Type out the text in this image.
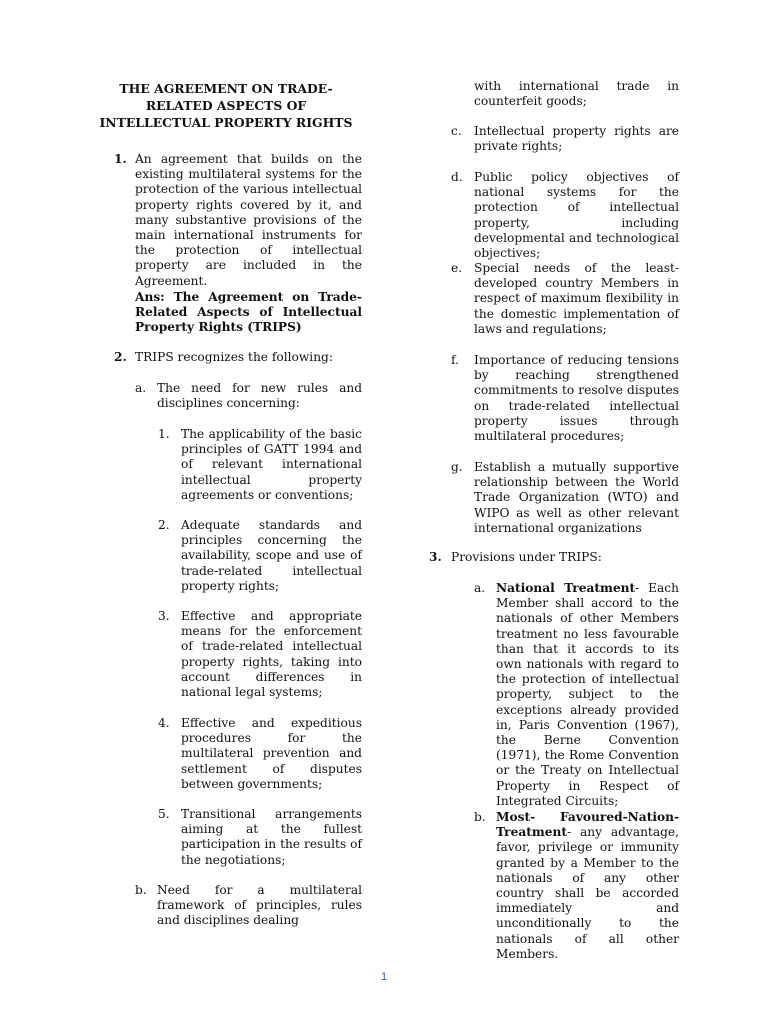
THE AGREEMENT ON TRADE-RELATED ASPECTS OF INTELLECTUAL PROPERTY RIGHTS
1. An agreement that builds on the existing multilateral systems for the protection of the various intellectual property rights covered by it, and many substantive provisions of the main international instruments for the protection of intellectual property are included in the Agreement.
Ans: The Agreement on Trade-Related Aspects of Intellectual Property Rights (TRIPS)
2. TRIPS recognizes the following:
a. The need for new rules and disciplines concerning:
1. The applicability of the basic principles of GATT 1994 and of relevant international intellectual property agreements or conventions;
2. Adequate standards and principles concerning the availability, scope and use of trade-related intellectual property rights;
3. Effective and appropriate means for the enforcement of trade-related intellectual property rights, taking into account differences in national legal systems;
4. Effective and expeditious procedures for the multilateral prevention and settlement of disputes between governments;
5. Transitional arrangements aiming at the fullest participation in the results of the negotiations;
b. Need for a multilateral framework of principles, rules and disciplines dealing
with international trade in counterfeit goods;
c. Intellectual property rights are private rights;
d. Public policy objectives of national systems for the protection of intellectual property, including developmental and technological objectives;
e. Special needs of the least-developed country Members in respect of maximum flexibility in the domestic implementation of laws and regulations;
f. Importance of reducing tensions by reaching strengthened commitments to resolve disputes on trade-related intellectual property issues through multilateral procedures;
g. Establish a mutually supportive relationship between the World Trade Organization (WTO) and WIPO as well as other relevant international organizations
3. Provisions under TRIPS:
a. National Treatment- Each Member shall accord to the nationals of other Members treatment no less favourable than that it accords to its own nationals with regard to the protection of intellectual property, subject to the exceptions already provided in, Paris Convention (1967), the Berne Convention (1971), the Rome Convention or the Treaty on Intellectual Property in Respect of Integrated Circuits;
b. Most- Favoured-Nation-Treatment- any advantage, favor, privilege or immunity granted by a Member to the nationals of any other country shall be accorded immediately and unconditionally to the nationals of all other Members.
1
